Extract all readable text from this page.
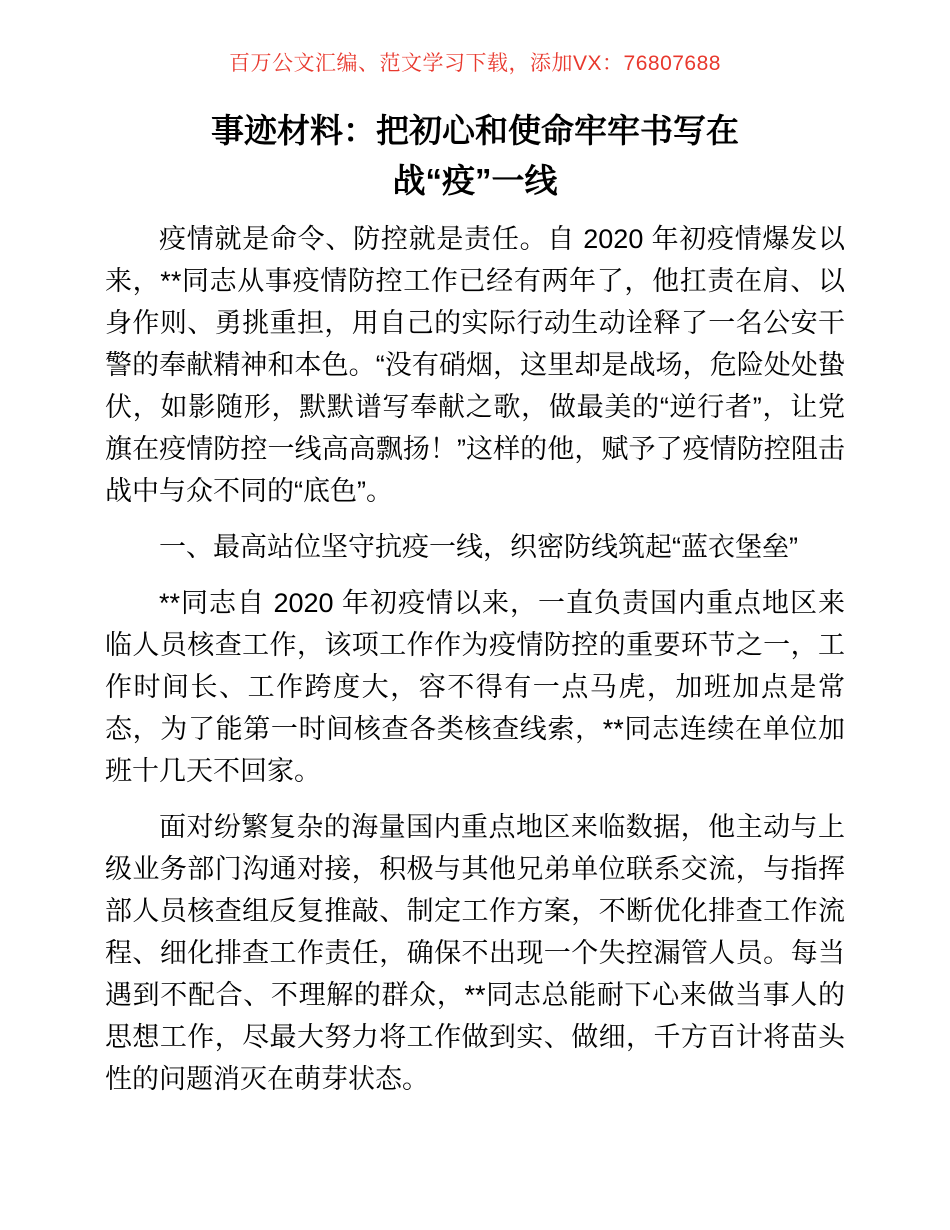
百万公文汇编、范文学习下载，添加VX：76807688
事迹材料：把初心和使命牢牢书写在
战“疫”一线

疫情就是命令、防控就是责任。自 2020 年初疫情爆发以来，**同志从事疫情防控工作已经有两年了，他扛责在肩、以身作则、勇挑重担，用自己的实际行动生动诠释了一名公安干警的奉献精神和本色。“没有硝烟，这里却是战场，危险处处蛰伏，如影随形，默默谱写奉献之歌，做最美的“逆行者”，让党旗在疫情防控一线高高飘扬！”这样的他，赋予了疫情防控阻击战中与众不同的“底色”。

一、最高站位坚守抗疫一线，织密防线筑起“蓝衣堡垒”

**同志自 2020 年初疫情以来，一直负责国内重点地区来临人员核查工作，该项工作作为疫情防控的重要环节之一，工作时间长、工作跨度大，容不得有一点马虎，加班加点是常态，为了能第一时间核查各类核查线索，**同志连续在单位加班十几天不回家。

面对纷繁复杂的海量国内重点地区来临数据，他主动与上级业务部门沟通对接，积极与其他兄弟单位联系交流，与指挥部人员核查组反复推敲、制定工作方案，不断优化排查工作流程、细化排查工作责任，确保不出现一个失控漏管人员。每当遇到不配合、不理解的群众，**同志总能耐下心来做当事人的思想工作，尽最大努力将工作做到实、做细，千方百计将苗头性的问题消灭在萌芽状态。
